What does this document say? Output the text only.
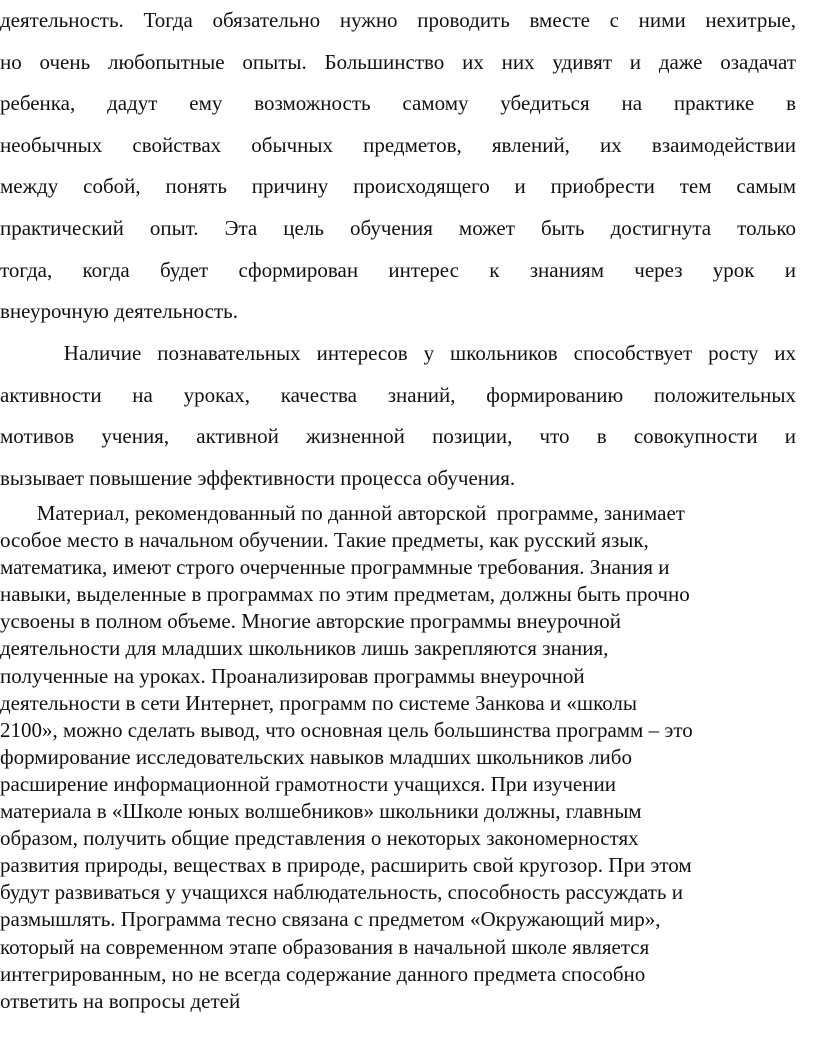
деятельность. Тогда обязательно нужно проводить вместе с ними нехитрые,
но очень любопытные опыты. Большинство их них удивят и даже озадачат
ребенка, дадут ему возможность самому убедиться на практике в
необычных свойствах обычных предметов, явлений, их взаимодействии
между собой, понять причину происходящего и приобрести тем самым
практический опыт. Эта цель обучения может быть достигнута только
тогда, когда будет сформирован интерес к знаниям через урок и
внеурочную деятельность.
Наличие познавательных интересов у школьников способствует росту их
активности на уроках, качества знаний, формированию положительных
мотивов учения, активной жизненной позиции, что в совокупности и
вызывает повышение эффективности процесса обучения.
Материал, рекомендованный по данной авторской  программе, занимает
особое место в начальном обучении. Такие предметы, как русский язык,
математика, имеют строго очерченные программные требования. Знания и
навыки, выделенные в программах по этим предметам, должны быть прочно
усвоены в полном объеме. Многие авторские программы внеурочной
деятельности для младших школьников лишь закрепляются знания,
полученные на уроках. Проанализировав программы внеурочной
деятельности в сети Интернет, программ по системе Занкова и «школы
2100», можно сделать вывод, что основная цель большинства программ – это
формирование исследовательских навыков младших школьников либо
расширение информационной грамотности учащихся. При изучении
материала в «Школе юных волшебников» школьники должны, главным
образом, получить общие представления о некоторых закономерностях
развития природы, веществах в природе, расширить свой кругозор. При этом
будут развиваться у учащихся наблюдательность, способность рассуждать и
размышлять. Программа тесно связана с предметом «Окружающий мир»,
который на современном этапе образования в начальной школе является
интегрированным, но не всегда содержание данного предмета способно
ответить на вопросы детей
